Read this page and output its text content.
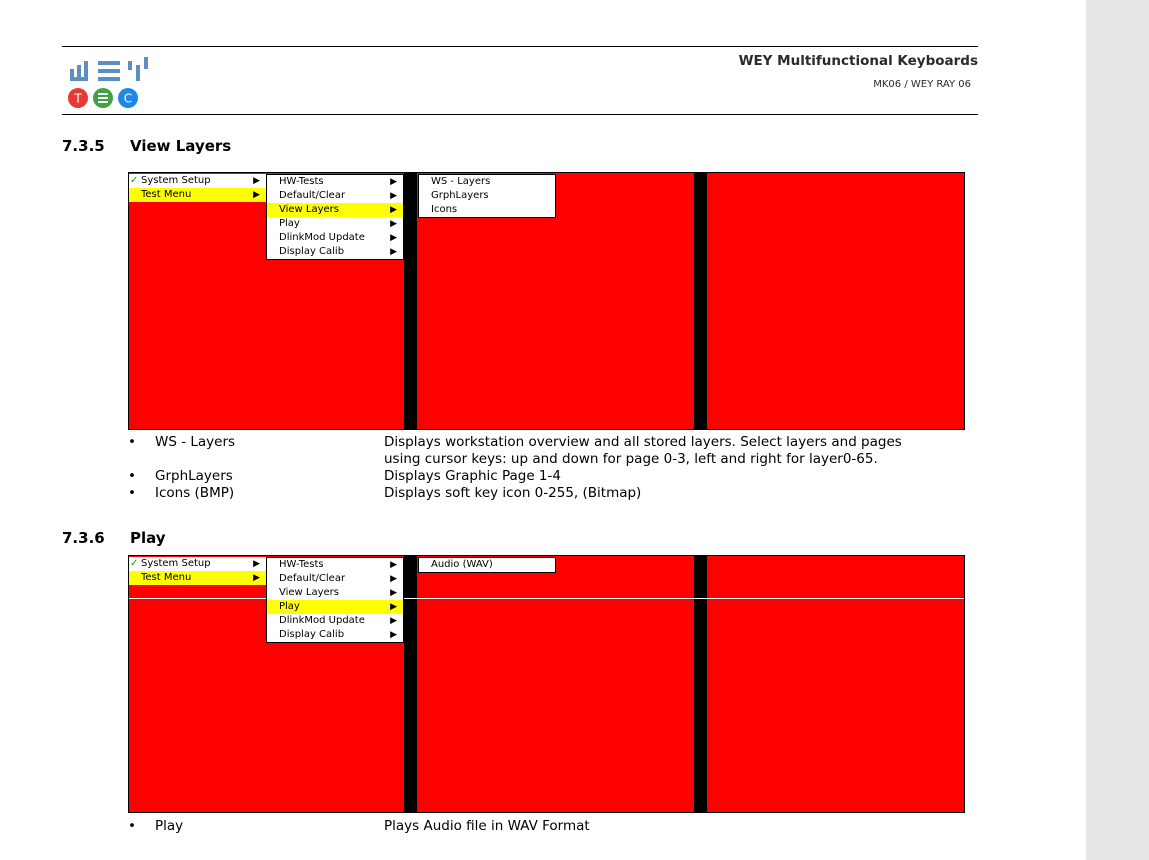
T	C
WEY Multifunctional Keyboards
MK06 / WEY RAY 06
7.3.5 View Layers
✓ System Setup	▶
Test Menu	▶
HW-Tests	▶
Default/Clear	▶
View Layers	▶
Play	▶
DlinkMod Update	▶
Display Calib	▶
WS - Layers
GrphLayers
Icons
• WS - Layers	Displays workstation overview and all stored layers. Select layers and pages
using cursor keys: up and down for page 0-3, left and right for layer0-65.
• GrphLayers	Displays Graphic Page 1-4
• Icons (BMP)	Displays soft key icon 0-255, (Bitmap)
7.3.6 Play
✓ System Setup	▶
Test Menu	▶
HW-Tests	▶
Default/Clear	▶
View Layers	▶
Play	▶
DlinkMod Update	▶
Display Calib	▶
Audio (WAV)
• Play	Plays Audio file in WAV Format
